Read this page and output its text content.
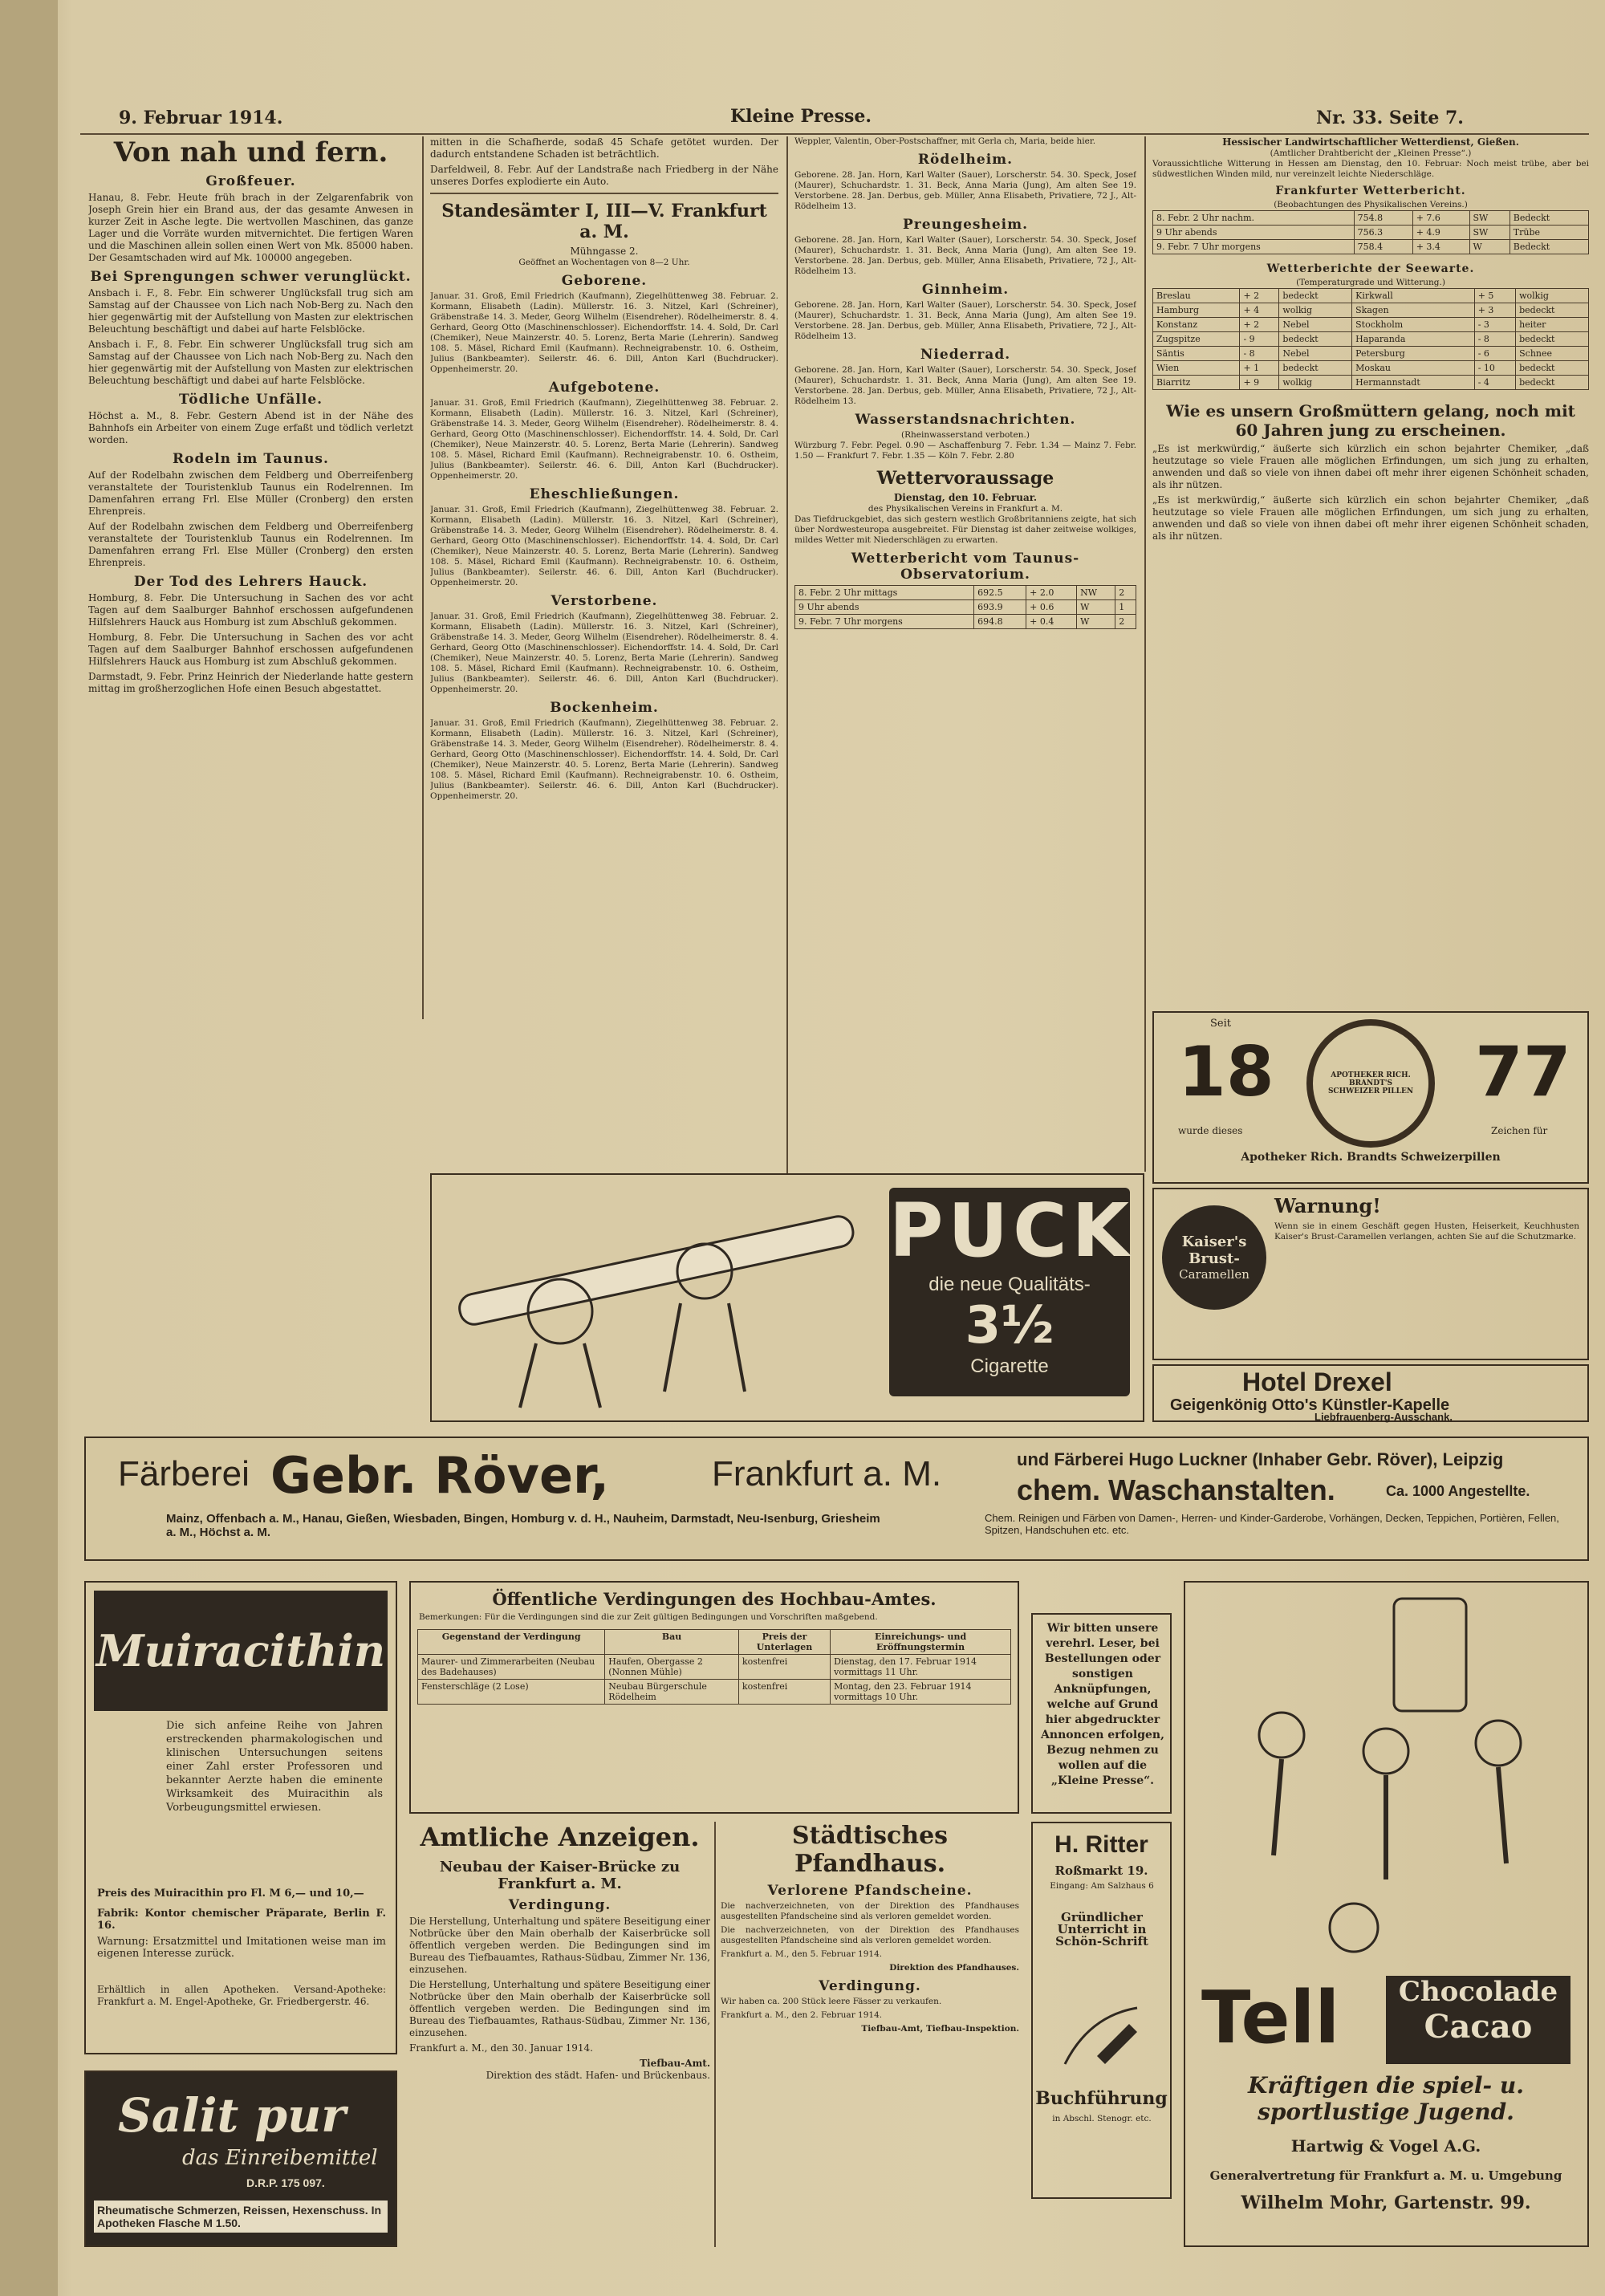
9. Februar 1914.	Kleine Presse.	Nr. 33. Seite 7.
Von nah und fern.
Großfeuer.

Hanau, 8. Febr. Heute früh brach in der Zelgarenfabrik von Joseph Grein hier ein Brand aus, der das gesamte Anwesen in kurzer Zeit in Asche legte. Die wertvollen Maschinen, das ganze Lager und die Vorräte wurden mitvernichtet. Die fertigen Waren und die Maschinen allein sollen einen Wert von Mk. 85000 haben. Der Gesamtschaden wird auf Mk. 100000 angegeben.

Bei Sprengungen schwer verunglückt.

Ansbach i. F., 8. Febr. Ein schwerer Unglücksfall trug sich am Samstag auf der Chaussee von Lich nach Nob-Berg zu. Nach den hier gegenwärtig mit der Aufstellung von Masten zur elektrischen Beleuchtung beschäftigt und dabei auf harte Felsblöcke.

Ansbach i. F., 8. Febr. Ein schwerer Unglücksfall trug sich am Samstag auf der Chaussee von Lich nach Nob-Berg zu. Nach den hier gegenwärtig mit der Aufstellung von Masten zur elektrischen Beleuchtung beschäftigt und dabei auf harte Felsblöcke.

Tödliche Unfälle.

Höchst a. M., 8. Febr. Gestern Abend ist in der Nähe des Bahnhofs ein Arbeiter von einem Zuge erfaßt und tödlich verletzt worden.

Rodeln im Taunus.

Auf der Rodelbahn zwischen dem Feldberg und Oberreifenberg veranstaltete der Touristenklub Taunus ein Rodelrennen. Im Damenfahren errang Frl. Else Müller (Cronberg) den ersten Ehrenpreis.

Auf der Rodelbahn zwischen dem Feldberg und Oberreifenberg veranstaltete der Touristenklub Taunus ein Rodelrennen. Im Damenfahren errang Frl. Else Müller (Cronberg) den ersten Ehrenpreis.

Der Tod des Lehrers Hauck.

Homburg, 8. Febr. Die Untersuchung in Sachen des vor acht Tagen auf dem Saalburger Bahnhof erschossen aufgefundenen Hilfslehrers Hauck aus Homburg ist zum Abschluß gekommen.

Homburg, 8. Febr. Die Untersuchung in Sachen des vor acht Tagen auf dem Saalburger Bahnhof erschossen aufgefundenen Hilfslehrers Hauck aus Homburg ist zum Abschluß gekommen.

Darmstadt, 9. Febr. Prinz Heinrich der Niederlande hatte gestern mittag im großherzoglichen Hofe einen Besuch abgestattet.

mitten in die Schafherde, sodaß 45 Schafe getötet wurden. Der dadurch entstandene Schaden ist beträchtlich.

Darfeldweil, 8. Febr. Auf der Landstraße nach Friedberg in der Nähe unseres Dorfes explodierte ein Auto.

Standesämter I, III—V. Frankfurt a. M.
Mühngasse 2.
Geöffnet an Wochentagen von 8—2 Uhr.
Geborene.

Januar. 31. Groß, Emil Friedrich (Kaufmann), Ziegelhüttenweg 38. Februar. 2. Kormann, Elisabeth (Ladin). Müllerstr. 16. 3. Nitzel, Karl (Schreiner), Gräbenstraße 14. 3. Meder, Georg Wilhelm (Eisendreher). Rödelheimerstr. 8. 4. Gerhard, Georg Otto (Maschinenschlosser). Eichendorffstr. 14. 4. Sold, Dr. Carl (Chemiker), Neue Mainzerstr. 40. 5. Lorenz, Berta Marie (Lehrerin). Sandweg 108. 5. Mäsel, Richard Emil (Kaufmann). Rechneigrabenstr. 10. 6. Ostheim, Julius (Bankbeamter). Seilerstr. 46. 6. Dill, Anton Karl (Buchdrucker). Oppenheimerstr. 20.

Aufgebotene.

Januar. 31. Groß, Emil Friedrich (Kaufmann), Ziegelhüttenweg 38. Februar. 2. Kormann, Elisabeth (Ladin). Müllerstr. 16. 3. Nitzel, Karl (Schreiner), Gräbenstraße 14. 3. Meder, Georg Wilhelm (Eisendreher). Rödelheimerstr. 8. 4. Gerhard, Georg Otto (Maschinenschlosser). Eichendorffstr. 14. 4. Sold, Dr. Carl (Chemiker), Neue Mainzerstr. 40. 5. Lorenz, Berta Marie (Lehrerin). Sandweg 108. 5. Mäsel, Richard Emil (Kaufmann). Rechneigrabenstr. 10. 6. Ostheim, Julius (Bankbeamter). Seilerstr. 46. 6. Dill, Anton Karl (Buchdrucker). Oppenheimerstr. 20.

Eheschließungen.

Januar. 31. Groß, Emil Friedrich (Kaufmann), Ziegelhüttenweg 38. Februar. 2. Kormann, Elisabeth (Ladin). Müllerstr. 16. 3. Nitzel, Karl (Schreiner), Gräbenstraße 14. 3. Meder, Georg Wilhelm (Eisendreher). Rödelheimerstr. 8. 4. Gerhard, Georg Otto (Maschinenschlosser). Eichendorffstr. 14. 4. Sold, Dr. Carl (Chemiker), Neue Mainzerstr. 40. 5. Lorenz, Berta Marie (Lehrerin). Sandweg 108. 5. Mäsel, Richard Emil (Kaufmann). Rechneigrabenstr. 10. 6. Ostheim, Julius (Bankbeamter). Seilerstr. 46. 6. Dill, Anton Karl (Buchdrucker). Oppenheimerstr. 20.

Verstorbene.

Januar. 31. Groß, Emil Friedrich (Kaufmann), Ziegelhüttenweg 38. Februar. 2. Kormann, Elisabeth (Ladin). Müllerstr. 16. 3. Nitzel, Karl (Schreiner), Gräbenstraße 14. 3. Meder, Georg Wilhelm (Eisendreher). Rödelheimerstr. 8. 4. Gerhard, Georg Otto (Maschinenschlosser). Eichendorffstr. 14. 4. Sold, Dr. Carl (Chemiker), Neue Mainzerstr. 40. 5. Lorenz, Berta Marie (Lehrerin). Sandweg 108. 5. Mäsel, Richard Emil (Kaufmann). Rechneigrabenstr. 10. 6. Ostheim, Julius (Bankbeamter). Seilerstr. 46. 6. Dill, Anton Karl (Buchdrucker). Oppenheimerstr. 20.

Bockenheim.

Januar. 31. Groß, Emil Friedrich (Kaufmann), Ziegelhüttenweg 38. Februar. 2. Kormann, Elisabeth (Ladin). Müllerstr. 16. 3. Nitzel, Karl (Schreiner), Gräbenstraße 14. 3. Meder, Georg Wilhelm (Eisendreher). Rödelheimerstr. 8. 4. Gerhard, Georg Otto (Maschinenschlosser). Eichendorffstr. 14. 4. Sold, Dr. Carl (Chemiker), Neue Mainzerstr. 40. 5. Lorenz, Berta Marie (Lehrerin). Sandweg 108. 5. Mäsel, Richard Emil (Kaufmann). Rechneigrabenstr. 10. 6. Ostheim, Julius (Bankbeamter). Seilerstr. 46. 6. Dill, Anton Karl (Buchdrucker). Oppenheimerstr. 20.

Weppler, Valentin, Ober-Postschaffner, mit Gerla ch, Maria, beide hier.

Rödelheim.

Geborene. 28. Jan. Horn, Karl Walter (Sauer), Lorscherstr. 54. 30. Speck, Josef (Maurer), Schuchardstr. 1. 31. Beck, Anna Maria (Jung), Am alten See 19. Verstorbene. 28. Jan. Derbus, geb. Müller, Anna Elisabeth, Privatiere, 72 J., Alt-Rödelheim 13.

Preungesheim.

Geborene. 28. Jan. Horn, Karl Walter (Sauer), Lorscherstr. 54. 30. Speck, Josef (Maurer), Schuchardstr. 1. 31. Beck, Anna Maria (Jung), Am alten See 19. Verstorbene. 28. Jan. Derbus, geb. Müller, Anna Elisabeth, Privatiere, 72 J., Alt-Rödelheim 13.

Ginnheim.

Geborene. 28. Jan. Horn, Karl Walter (Sauer), Lorscherstr. 54. 30. Speck, Josef (Maurer), Schuchardstr. 1. 31. Beck, Anna Maria (Jung), Am alten See 19. Verstorbene. 28. Jan. Derbus, geb. Müller, Anna Elisabeth, Privatiere, 72 J., Alt-Rödelheim 13.

Niederrad.

Geborene. 28. Jan. Horn, Karl Walter (Sauer), Lorscherstr. 54. 30. Speck, Josef (Maurer), Schuchardstr. 1. 31. Beck, Anna Maria (Jung), Am alten See 19. Verstorbene. 28. Jan. Derbus, geb. Müller, Anna Elisabeth, Privatiere, 72 J., Alt-Rödelheim 13.

Wasserstandsnachrichten.
(Rheinwasserstand verboten.)

Würzburg 7. Febr. Pegel. 0.90 — Aschaffenburg 7. Febr. 1.34 — Mainz 7. Febr. 1.50 — Frankfurt 7. Febr. 1.35 — Köln 7. Febr. 2.80

Wettervoraussage
Dienstag, den 10. Februar.
des Physikalischen Vereins in Frankfurt a. M.

Das Tiefdruckgebiet, das sich gestern westlich Großbritanniens zeigte, hat sich über Nordwesteuropa ausgebreitet. Für Dienstag ist daher zeitweise wolkiges, mildes Wetter mit Niederschlägen zu erwarten.

Wetterbericht vom Taunus-Observatorium.
8. Febr. 2 Uhr mittags	692.5	+ 2.0	NW	2
9 Uhr abends	693.9	+ 0.6	W	1
9. Febr. 7 Uhr morgens	694.8	+ 0.4	W	2
Hessischer Landwirtschaftlicher Wetterdienst, Gießen.
(Amtlicher Drahtbericht der „Kleinen Presse“.)

Voraussichtliche Witterung in Hessen am Dienstag, den 10. Februar: Noch meist trübe, aber bei südwestlichen Winden mild, nur vereinzelt leichte Niederschläge.

Frankfurter Wetterbericht.
(Beobachtungen des Physikalischen Vereins.)
8. Febr. 2 Uhr nachm.	754.8	+ 7.6	SW	Bedeckt
9 Uhr abends	756.3	+ 4.9	SW	Trübe
9. Febr. 7 Uhr morgens	758.4	+ 3.4	W	Bedeckt
Wetterberichte der Seewarte.
(Temperaturgrade und Witterung.)
Breslau	+ 2	bedeckt	Kirkwall	+ 5	wolkig
Hamburg	+ 4	wolkig	Skagen	+ 3	bedeckt
Konstanz	+ 2	Nebel	Stockholm	- 3	heiter
Zugspitze	- 9	bedeckt	Haparanda	- 8	bedeckt
Säntis	- 8	Nebel	Petersburg	- 6	Schnee
Wien	+ 1	bedeckt	Moskau	- 10	bedeckt
Biarritz	+ 9	wolkig	Hermannstadt	- 4	bedeckt
Wie es unsern Großmüttern gelang, noch mit 60 Jahren jung zu erscheinen.

„Es ist merkwürdig,“ äußerte sich kürzlich ein schon bejahrter Chemiker, „daß heutzutage so viele Frauen alle möglichen Erfindungen, um sich jung zu erhalten, anwenden und daß so viele von ihnen dabei oft mehr ihrer eigenen Schönheit schaden, als ihr nützen.

„Es ist merkwürdig,“ äußerte sich kürzlich ein schon bejahrter Chemiker, „daß heutzutage so viele Frauen alle möglichen Erfindungen, um sich jung zu erhalten, anwenden und daß so viele von ihnen dabei oft mehr ihrer eigenen Schönheit schaden, als ihr nützen.

Seit
18	77
APOTHEKER RICH. BRANDT'S SCHWEIZER PILLEN
wurde dieses	Zeichen für
Apotheker Rich. Brandts Schweizerpillen
PUCK
die neue Qualitäts-
3½
Cigarette
Kaiser's
Brust-
Caramellen
Warnung!
Wenn sie in einem Geschäft gegen Husten, Heiserkeit, Keuchhusten Kaiser's Brust-Caramellen verlangen, achten Sie auf die Schutzmarke.
Hotel Drexel
Geigenkönig Otto's Künstler-Kapelle
Liebfrauenberg-Ausschank.
Färberei Gebr. Röver,	Frankfurt a. M.	und Färberei Hugo Luckner (Inhaber Gebr. Röver), Leipzig
chem. Waschanstalten.	Ca. 1000 Angestellte.
Mainz, Offenbach a. M., Hanau, Gießen, Wiesbaden, Bingen, Homburg v. d. H., Nauheim, Darmstadt, Neu-Isenburg, Griesheim a. M., Höchst a. M.
Chem. Reinigen und Färben von Damen-, Herren- und Kinder-Garderobe, Vorhängen, Decken, Teppichen, Portièren, Fellen, Spitzen, Handschuhen etc. etc.
Muiracithin
Die sich anfeine Reihe von Jahren erstreckenden pharmakologischen und klinischen Untersuchungen seitens einer Zahl erster Professoren und bekannter Aerzte haben die eminente Wirksamkeit des Muiracithin als Vorbeugungsmittel erwiesen.
Preis des Muiracithin pro Fl. M 6,— und 10,—
Fabrik: Kontor chemischer Präparate, Berlin F. 16.
Warnung: Ersatzmittel und Imitationen weise man im eigenen Interesse zurück.
Erhältlich in allen Apotheken. Versand-Apotheke: Frankfurt a. M. Engel-Apotheke, Gr. Friedbergerstr. 46.
Salit pur
das Einreibemittel
D.R.P. 175 097.
Rheumatische Schmerzen, Reissen, Hexenschuss. In Apotheken Flasche M 1.50.
Öffentliche Verdingungen des Hochbau-Amtes.
Bemerkungen: Für die Verdingungen sind die zur Zeit gültigen Bedingungen und Vorschriften maßgebend.
Gegenstand der Verdingung	Bau	Preis der Unterlagen	Einreichungs- und Eröffnungstermin
Maurer- und Zimmerarbeiten (Neubau des Badehauses)	Haufen, Obergasse 2 (Nonnen Mühle)	kostenfrei	Dienstag, den 17. Februar 1914 vormittags 11 Uhr.
Fensterschläge (2 Lose)	Neubau Bürgerschule Rödelheim	kostenfrei	Montag, den 23. Februar 1914 vormittags 10 Uhr.
Amtliche Anzeigen.
Neubau der Kaiser-Brücke zu Frankfurt a. M.
Verdingung.

Die Herstellung, Unterhaltung und spätere Beseitigung einer Notbrücke über den Main oberhalb der Kaiserbrücke soll öffentlich vergeben werden. Die Bedingungen sind im Bureau des Tiefbauamtes, Rathaus-Südbau, Zimmer Nr. 136, einzusehen.

Die Herstellung, Unterhaltung und spätere Beseitigung einer Notbrücke über den Main oberhalb der Kaiserbrücke soll öffentlich vergeben werden. Die Bedingungen sind im Bureau des Tiefbauamtes, Rathaus-Südbau, Zimmer Nr. 136, einzusehen.

Frankfurt a. M., den 30. Januar 1914.

Tiefbau-Amt.
Direktion des städt. Hafen- und Brückenbaus.
Städtisches Pfandhaus.
Verlorene Pfandscheine.

Die nachverzeichneten, von der Direktion des Pfandhauses ausgestellten Pfandscheine sind als verloren gemeldet worden.

Die nachverzeichneten, von der Direktion des Pfandhauses ausgestellten Pfandscheine sind als verloren gemeldet worden.

Frankfurt a. M., den 5. Februar 1914.

Direktion des Pfandhauses.
Verdingung.

Wir haben ca. 200 Stück leere Fässer zu verkaufen.

Frankfurt a. M., den 2. Februar 1914.

Tiefbau-Amt, Tiefbau-Inspektion.
H. Ritter
Roßmarkt 19.
Eingang: Am Salzhaus 6
Gründlicher Unterricht in Schön-Schrift
Buchführung
in Abschl. Stenogr. etc.
Wir bitten unsere verehrl. Leser, bei Bestellungen oder sonstigen Anknüpfungen, welche auf Grund hier abgedruckter Annoncen erfolgen, Bezug nehmen zu wollen auf die „Kleine Presse“.
Tell	Chocolade
Cacao
Kräftigen die spiel- u. sportlustige Jugend.
Hartwig & Vogel A.G.
Generalvertretung für Frankfurt a. M. u. Umgebung
Wilhelm Mohr, Gartenstr. 99.
